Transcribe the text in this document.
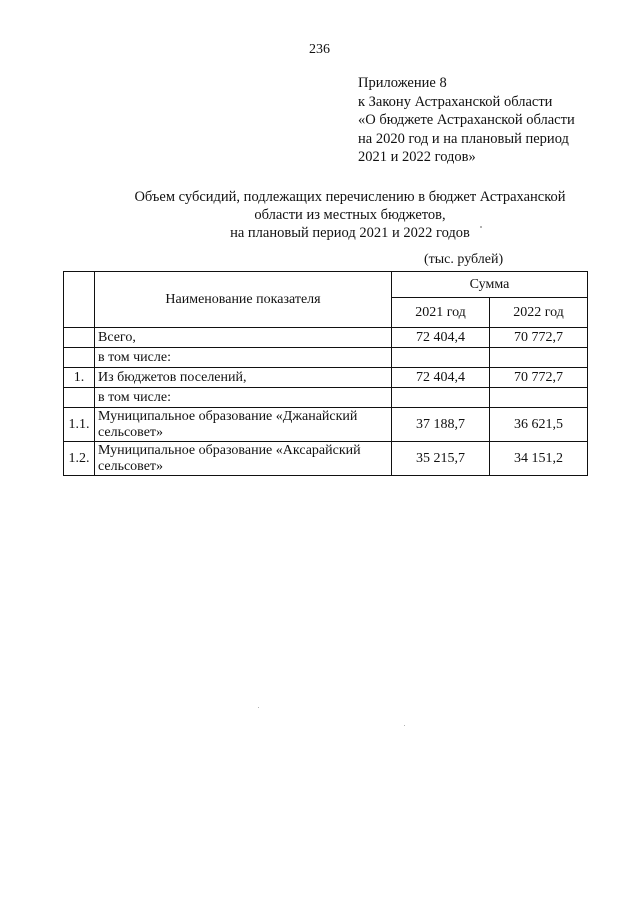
236
Приложение 8
к Закону Астраханской области
«О бюджете Астраханской области
на 2020 год и на плановый период
2021 и 2022 годов»
Объем субсидий, подлежащих перечислению в бюджет Астраханской
области из местных бюджетов,
на плановый период 2021 и 2022 годов
(тыс. рублей)
	Наименование показателя	Сумма	
		2021 год	2022 год
	Всего,	72 404,4	70 772,7
	в том числе:		
1.	Из бюджетов поселений,	72 404,4	70 772,7
	в том числе:		
1.1.	Муниципальное образование «Джанайский сельсовет»	37 188,7	36 621,5
1.2.	Муниципальное образование «Аксарайский сельсовет»	35 215,7	34 151,2
